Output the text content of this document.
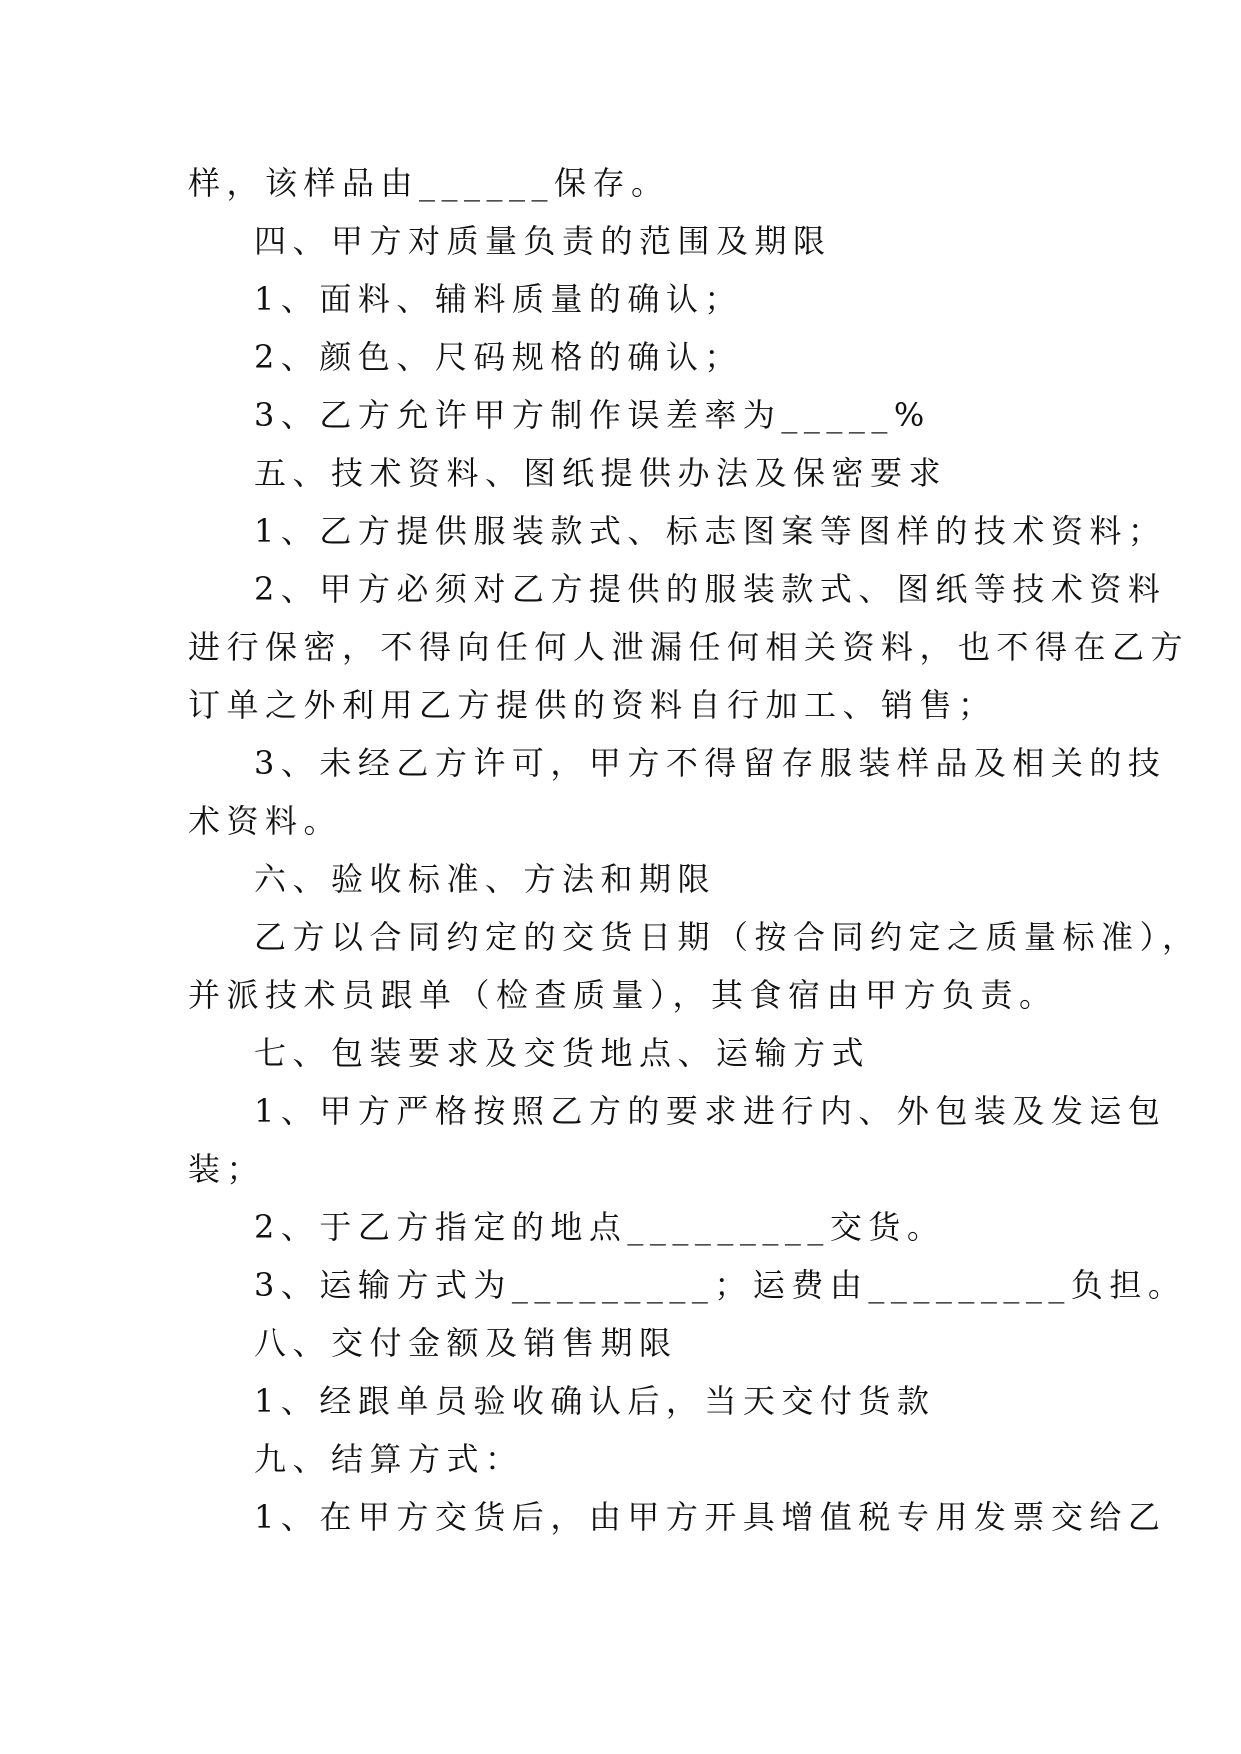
样，该样品由______保存。
四、甲方对质量负责的范围及期限
1、面料、辅料质量的确认；
2、颜色、尺码规格的确认；
3、乙方允许甲方制作误差率为_____%
五、技术资料、图纸提供办法及保密要求
1、乙方提供服装款式、标志图案等图样的技术资料；
2、甲方必须对乙方提供的服装款式、图纸等技术资料
进行保密，不得向任何人泄漏任何相关资料，也不得在乙方
订单之外利用乙方提供的资料自行加工、销售；
3、未经乙方许可，甲方不得留存服装样品及相关的技
术资料。
六、验收标准、方法和期限
乙方以合同约定的交货日期（按合同约定之质量标准），
并派技术员跟单（检查质量），其食宿由甲方负责。
七、包装要求及交货地点、运输方式
1、甲方严格按照乙方的要求进行内、外包装及发运包
装；
2、于乙方指定的地点_________交货。
3、运输方式为_________；运费由_________负担。
八、交付金额及销售期限
1、经跟单员验收确认后，当天交付货款
九、结算方式：
1、在甲方交货后，由甲方开具增值税专用发票交给乙
